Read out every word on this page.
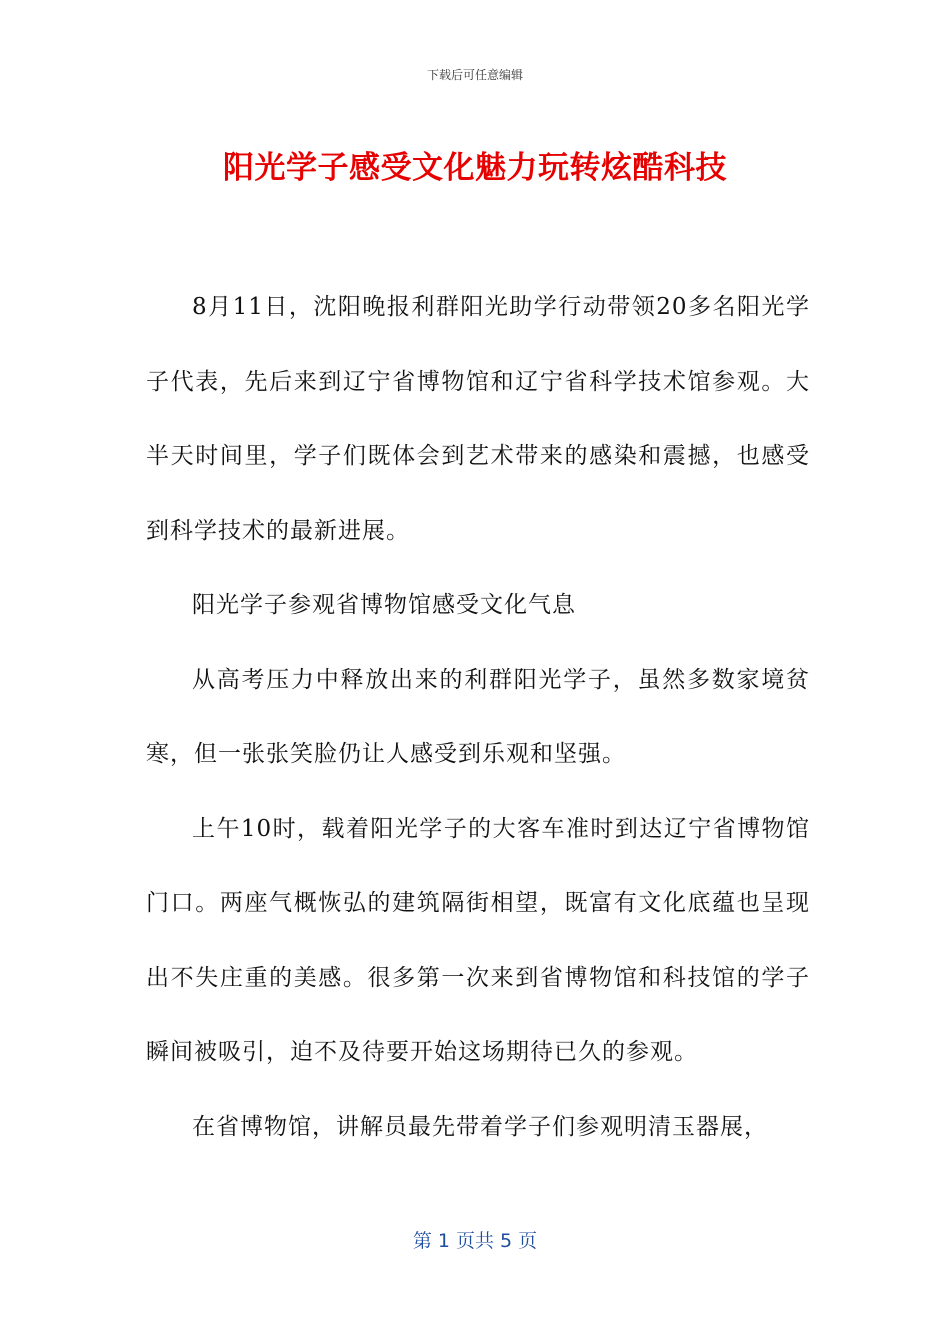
下载后可任意编辑
阳光学子感受文化魅力玩转炫酷科技

8月11日，沈阳晚报利群阳光助学行动带领20多名阳光学子代表，先后来到辽宁省博物馆和辽宁省科学技术馆参观。大半天时间里，学子们既体会到艺术带来的感染和震撼，也感受到科学技术的最新进展。

阳光学子参观省博物馆感受文化气息

从高考压力中释放出来的利群阳光学子，虽然多数家境贫寒，但一张张笑脸仍让人感受到乐观和坚强。

上午10时，载着阳光学子的大客车准时到达辽宁省博物馆门口。两座气概恢弘的建筑隔街相望，既富有文化底蕴也呈现出不失庄重的美感。很多第一次来到省博物馆和科技馆的学子瞬间被吸引，迫不及待要开始这场期待已久的参观。

在省博物馆，讲解员最先带着学子们参观明清玉器展，

第 1 页共 5 页
